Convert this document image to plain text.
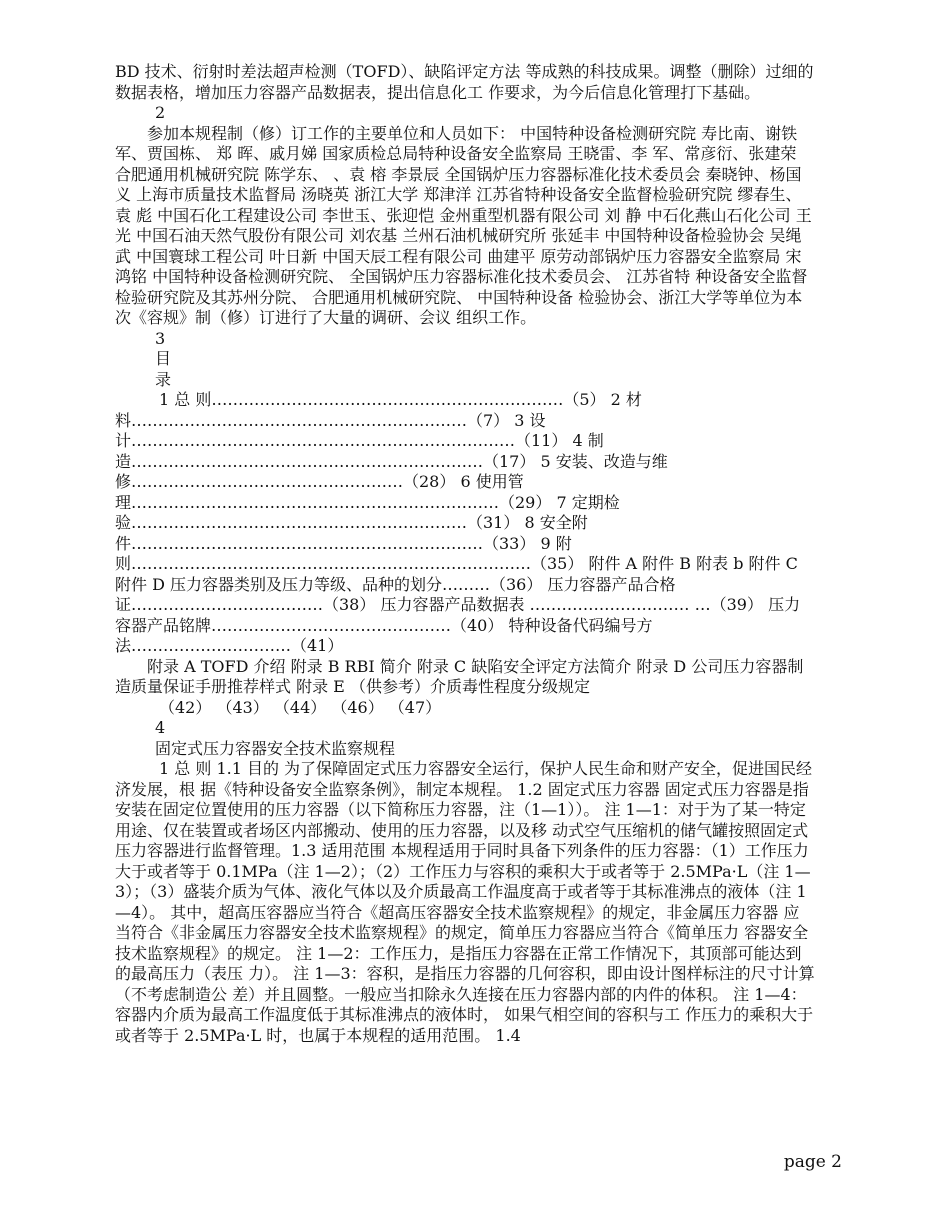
BD 技术、衍射时差法超声检测（TOFD）、缺陷评定方法 等成熟的科技成果。调整（删除）过细的数据表格，增加压力容器产品数据表，提出信息化工 作要求，为今后信息化管理打下基础。

2

参加本规程制（修）订工作的主要单位和人员如下： 中国特种设备检测研究院 寿比南、谢铁军、贾国栋、 郑 晖、戚月娣 国家质检总局特种设备安全监察局 王晓雷、李 军、常彦衍、张建荣 合肥通用机械研究院 陈学东、 、袁 榕 李景辰 全国锅炉压力容器标准化技术委员会 秦晓钟、杨国义 上海市质量技术监督局 汤晓英 浙江大学 郑津洋 江苏省特种设备安全监督检验研究院 缪春生、袁 彪 中国石化工程建设公司 李世玉、张迎恺 金州重型机器有限公司 刘 静 中石化燕山石化公司 王 光 中国石油天然气股份有限公司 刘农基 兰州石油机械研究所 张延丰 中国特种设备检验协会 吴绳武 中国寰球工程公司 叶日新 中国天辰工程有限公司 曲建平 原劳动部锅炉压力容器安全监察局 宋鸿铭 中国特种设备检测研究院、 全国锅炉压力容器标准化技术委员会、 江苏省特 种设备安全监督检验研究院及其苏州分院、 合肥通用机械研究院、 中国特种设备 检验协会、浙江大学等单位为本次《容规》制（修）订进行了大量的调研、会议 组织工作。

3

目

录

1 总 则…………………………………………………………（5） 2 材 料………………………………………………………（7） 3 设 计………………………………………………………………（11） 4 制 造…………………………………………………………（17） 5 安装、改造与维修……………………………………………（28） 6 使用管理……………………………………………………………（29） 7 定期检验………………………………………………………（31） 8 安全附件…………………………………………………………（33） 9 附 则…………………………………………………………………（35） 附件 A 附件 B 附表 b 附件 C 附件 D 压力容器类别及压力等级、品种的划分………（36） 压力容器产品合格证………………………………（38） 压力容器产品数据表 ………………………… …（39） 压力容器产品铭牌………………………………………（40） 特种设备代码编号方法…………………………（41）

附录 A TOFD 介绍 附录 B RBI 简介 附录 C 缺陷安全评定方法简介 附录 D 公司压力容器制造质量保证手册推荐样式 附录 E （供参考）介质毒性程度分级规定

（42） （43） （44） （46） （47）

4

固定式压力容器安全技术监察规程

1 总 则 1.1 目的 为了保障固定式压力容器安全运行，保护人民生命和财产安全，促进国民经济发展，根 据《特种设备安全监察条例》，制定本规程。 1.2 固定式压力容器 固定式压力容器是指安装在固定位置使用的压力容器（以下简称压力容器，注（1—1））。 注 1—1：对于为了某一特定用途、仅在装置或者场区内部搬动、使用的压力容器，以及移 动式空气压缩机的储气罐按照固定式压力容器进行监督管理。1.3 适用范围 本规程适用于同时具备下列条件的压力容器：（1）工作压力大于或者等于 0.1MPa（注 1—2）；（2）工作压力与容积的乘积大于或者等于 2.5MPa·L（注 1—3）；（3）盛装介质为气体、液化气体以及介质最高工作温度高于或者等于其标准沸点的液体（注 1—4）。 其中，超高压容器应当符合《超高压容器安全技术监察规程》的规定，非金属压力容器 应当符合《非金属压力容器安全技术监察规程》的规定，简单压力容器应当符合《简单压力 容器安全技术监察规程》的规定。 注 1—2：工作压力，是指压力容器在正常工作情况下，其顶部可能达到的最高压力（表压 力）。 注 1—3：容积，是指压力容器的几何容积，即由设计图样标注的尺寸计算（不考虑制造公 差）并且圆整。一般应当扣除永久连接在压力容器内部的内件的体积。 注 1—4： 容器内介质为最高工作温度低于其标准沸点的液体时， 如果气相空间的容积与工 作压力的乘积大于或者等于 2.5MPa·L 时，也属于本规程的适用范围。 1.4

page 2
